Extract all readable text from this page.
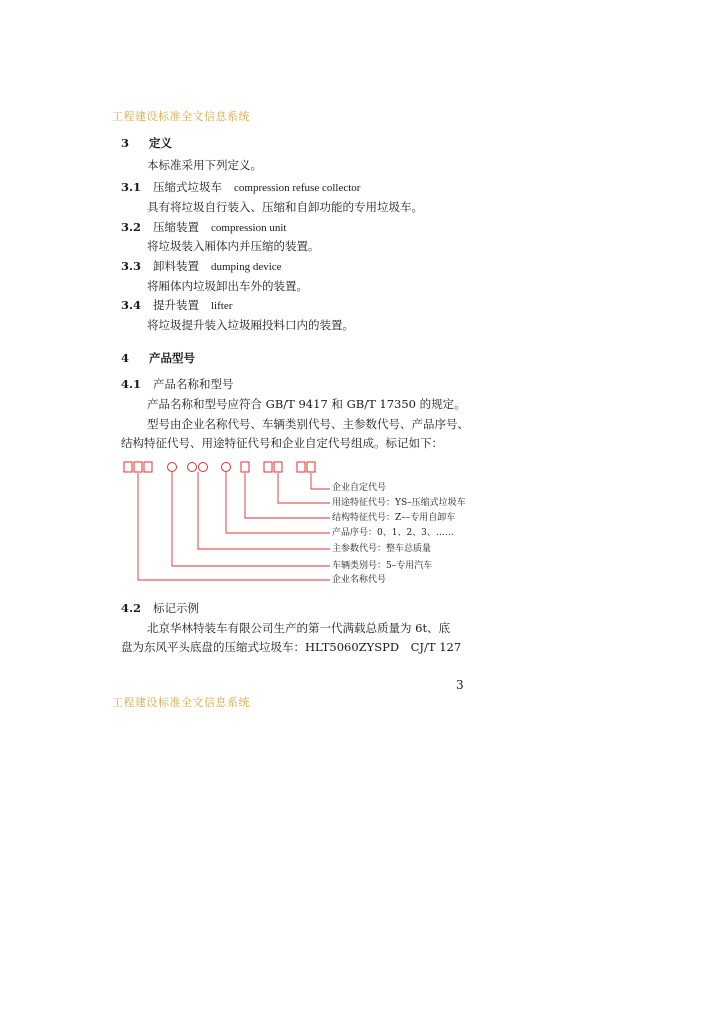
工程建设标准全文信息系统
3 定义
本标准采用下列定义。
3.1 压缩式垃圾车 compression refuse collector
具有将垃圾自行装入、压缩和自卸功能的专用垃圾车。
3.2 压缩装置 compression unit
将垃圾装入厢体内并压缩的装置。
3.3 卸料装置 dumping device
将厢体内垃圾卸出车外的装置。
3.4 提升装置 lifter
将垃圾提升装入垃圾厢投料口内的装置。
4 产品型号
4.1 产品名称和型号
产品名称和型号应符合 GB/T 9417 和 GB/T 17350 的规定。
型号由企业名称代号、车辆类别代号、主参数代号、产品序号、
结构特征代号、用途特征代号和企业自定代号组成。标记如下：
企业自定代号
用途特征代号：YS–压缩式垃圾车
结构特征代号：Z––专用自卸车
产品序号：0、1、2、3、……
主参数代号：整车总质量
车辆类别号：5–专用汽车
企业名称代号
4.2 标记示例
北京华林特装车有限公司生产的第一代满载总质量为 6t、底
盘为东风平头底盘的压缩式垃圾车：HLT5060ZYSPD　CJ/T 127
3
工程建设标准全文信息系统
